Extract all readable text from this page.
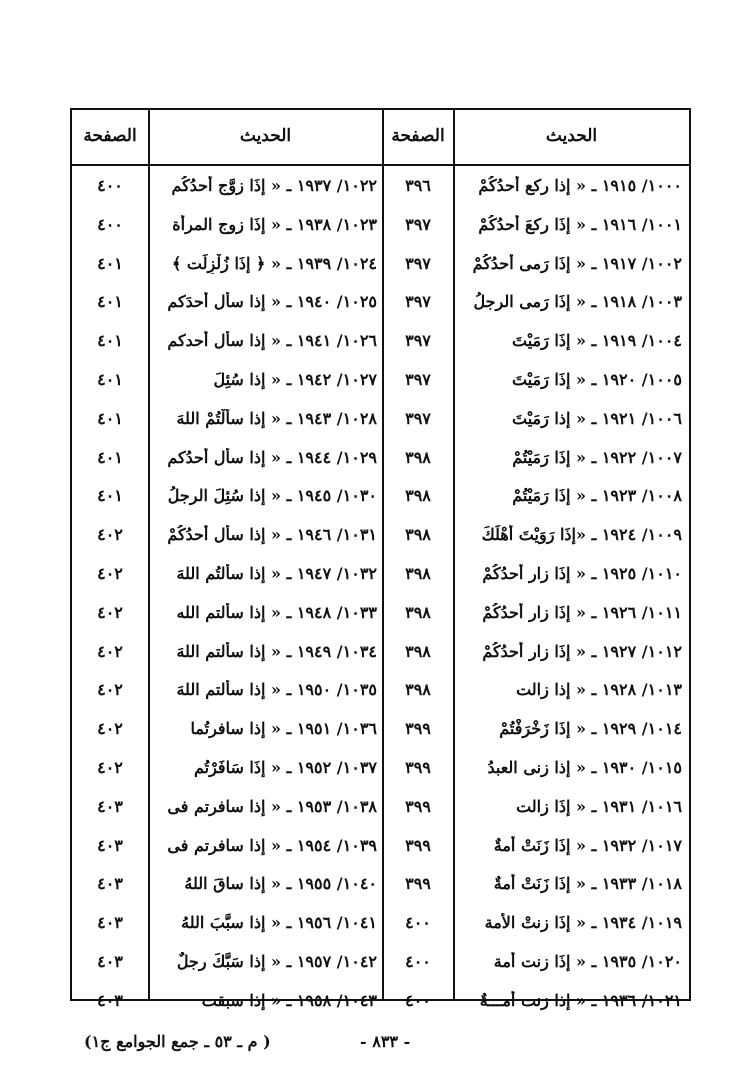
الحديث
الصفحة
الحديث
الصفحة
١٠٠٠/ ١٩١٥ ـ « إذا ركع أحدُكُمْ
٣٩٦
١٠٠١/ ١٩١٦ ـ « إذَا ركعَ أحدُكُمْ
٣٩٧
١٠٠٢/ ١٩١٧ ـ « إذَا رَمى أحدُكُمْ
٣٩٧
١٠٠٣/ ١٩١٨ ـ « إذَا رَمى الرجلُ
٣٩٧
١٠٠٤/ ١٩١٩ ـ « إذَا رَمَيْتَ
٣٩٧
١٠٠٥/ ١٩٢٠ ـ « إذَا رَمَيْتَ
٣٩٧
١٠٠٦/ ١٩٢١ ـ « إذا رَمَيْتَ
٣٩٧
١٠٠٧/ ١٩٢٢ ـ « إذَا رَمَيْتُمْ
٣٩٨
١٠٠٨/ ١٩٢٣ ـ « إذَا رَمَيْتُمْ
٣٩٨
١٠٠٩/ ١٩٢٤ ـ «إذَا رَوَيْتَ أهْلَكَ
٣٩٨
١٠١٠/ ١٩٢٥ ـ « إذَا زار أحدُكُمْ
٣٩٨
١٠١١/ ١٩٢٦ ـ « إذَا زار أحدُكُمْ
٣٩٨
١٠١٢/ ١٩٢٧ ـ « إذَا زار أحدُكُمْ
٣٩٨
١٠١٣/ ١٩٢٨ ـ « إذا زالت
٣٩٨
١٠١٤/ ١٩٢٩ ـ « إذَا زَخْرَفْتُمْ
٣٩٩
١٠١٥/ ١٩٣٠ ـ « إذا زنى العبدُ
٣٩٩
١٠١٦/ ١٩٣١ ـ « إذَا زالت
٣٩٩
١٠١٧/ ١٩٣٢ ـ « إذَا زَنَتْ أمةٌ
٣٩٩
١٠١٨/ ١٩٣٣ ـ « إذَا زَنَتْ أمةٌ
٣٩٩
١٠١٩/ ١٩٣٤ ـ « إذَا زنتْ الأمة
٤٠٠
١٠٢٠/ ١٩٣٥ ـ « إذَا زنت أمة
٤٠٠
١٠٢١/ ١٩٣٦ ـ « إذا زنت أمـــةٌ
٤٠٠
١٠٢٢/ ١٩٣٧ ـ « إذَا زوَّج أحدُكُم
٤٠٠
١٠٢٣/ ١٩٣٨ ـ « إذَا زوج المرأة
٤٠٠
١٠٢٤/ ١٩٣٩ ـ « ﴿ إذَا زُلْزِلَت ﴾
٤٠١
١٠٢٥/ ١٩٤٠ ـ « إذا سأل أحدَكم
٤٠١
١٠٢٦/ ١٩٤١ ـ « إذا سأل أحدكم
٤٠١
١٠٢٧/ ١٩٤٢ ـ « إذا سُئِلَ
٤٠١
١٠٢٨/ ١٩٤٣ ـ « إذا سألْتُمْ اللهَ
٤٠١
١٠٢٩/ ١٩٤٤ ـ « إذا سأل أحدُكم
٤٠١
١٠٣٠/ ١٩٤٥ ـ « إذا سُئِلَ الرجلُ
٤٠١
١٠٣١/ ١٩٤٦ ـ « إذا سأل أحدُكُمْ
٤٠٢
١٠٣٢/ ١٩٤٧ ـ « إذا سألتُم اللهَ
٤٠٢
١٠٣٣/ ١٩٤٨ ـ « إذا سألتم الله
٤٠٢
١٠٣٤/ ١٩٤٩ ـ « إذا سألتم اللهَ
٤٠٢
١٠٣٥/ ١٩٥٠ ـ « إذا سألتم اللهَ
٤٠٢
١٠٣٦/ ١٩٥١ ـ « إذا سافرتُما
٤٠٢
١٠٣٧/ ١٩٥٢ ـ « إذَا سَافَرْتُم
٤٠٢
١٠٣٨/ ١٩٥٣ ـ « إذا سافرتم فى
٤٠٣
١٠٣٩/ ١٩٥٤ ـ « إذا سافرتم فى
٤٠٣
١٠٤٠/ ١٩٥٥ ـ « إذا ساقَ اللهُ
٤٠٣
١٠٤١/ ١٩٥٦ ـ « إذا سبَّبَ اللهُ
٤٠٣
١٠٤٢/ ١٩٥٧ ـ « إذا سَبَّكَ رجلٌ
٤٠٣
١٠٤٣/ ١٩٥٨ ـ « إذا سبقت
٤٠٣
- ٨٣٣ -
( م ـ ٥٣ ـ جمع الجوامع ج١)
